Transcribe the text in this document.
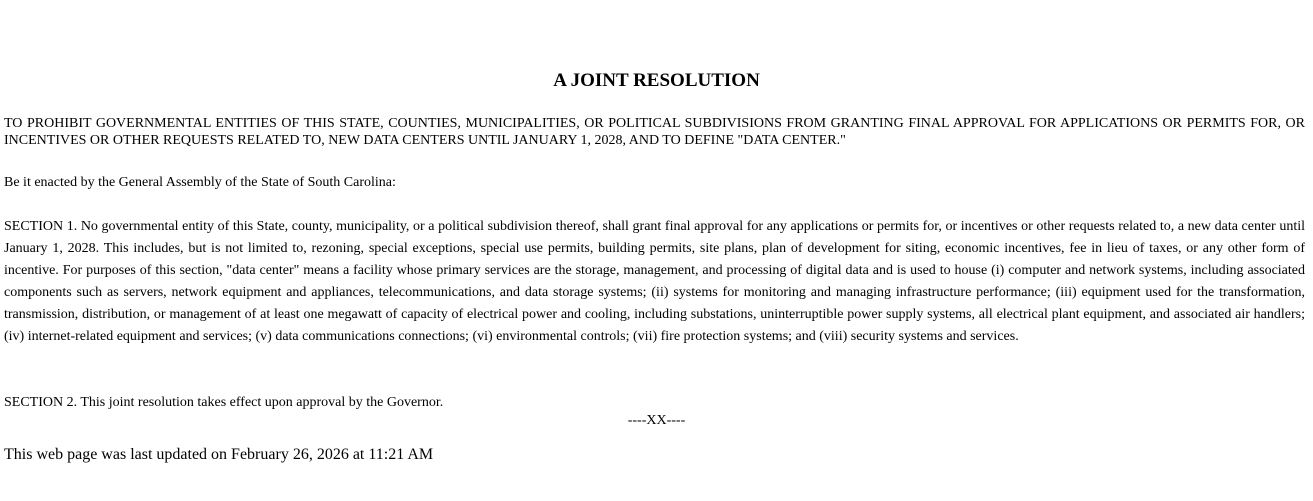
A JOINT RESOLUTION

TO PROHIBIT GOVERNMENTAL ENTITIES OF THIS STATE, COUNTIES, MUNICIPALITIES, OR POLITICAL SUBDIVISIONS FROM GRANTING FINAL APPROVAL FOR APPLICATIONS OR PERMITS FOR, OR INCENTIVES OR OTHER REQUESTS RELATED TO, NEW DATA CENTERS UNTIL JANUARY 1, 2028, AND TO DEFINE "DATA CENTER."

Be it enacted by the General Assembly of the State of South Carolina:

SECTION 1. No governmental entity of this State, county, municipality, or a political subdivision thereof, shall grant final approval for any applications or permits for, or incentives or other requests related to, a new data center until January 1, 2028. This includes, but is not limited to, rezoning, special exceptions, special use permits, building permits, site plans, plan of development for siting, economic incentives, fee in lieu of taxes, or any other form of incentive. For purposes of this section, "data center" means a facility whose primary services are the storage, management, and processing of digital data and is used to house (i) computer and network systems, including associated components such as servers, network equipment and appliances, telecommunications, and data storage systems; (ii) systems for monitoring and managing infrastructure performance; (iii) equipment used for the transformation, transmission, distribution, or management of at least one megawatt of capacity of electrical power and cooling, including substations, uninterruptible power supply systems, all electrical plant equipment, and associated air handlers; (iv) internet-related equipment and services; (v) data communications connections; (vi) environmental controls; (vii) fire protection systems; and (viii) security systems and services.

SECTION 2. This joint resolution takes effect upon approval by the Governor.

----XX----

This web page was last updated on February 26, 2026 at 11:21 AM
